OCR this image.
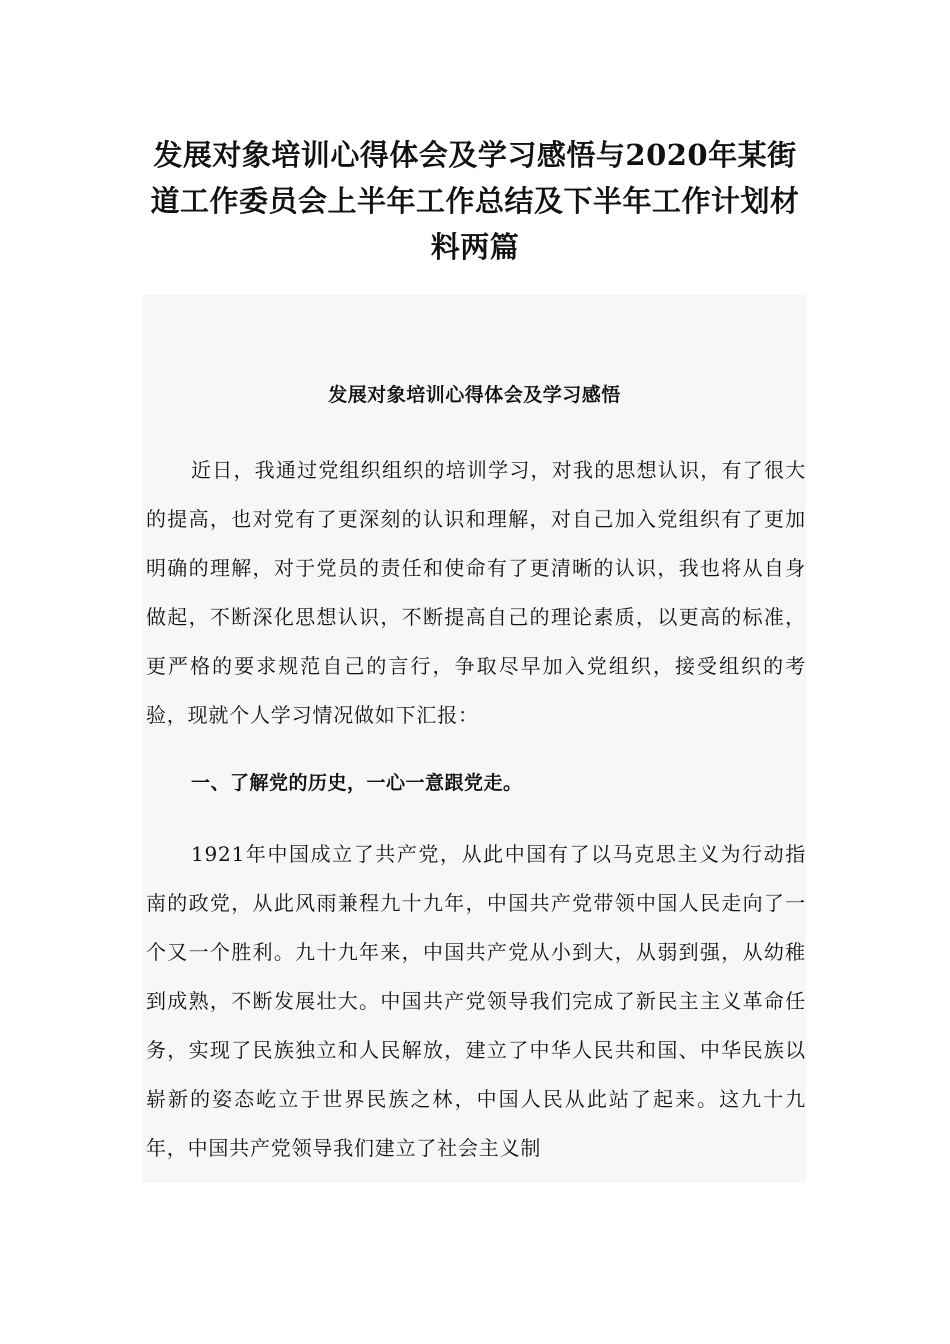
发展对象培训心得体会及学习感悟与2020年某街道工作委员会上半年工作总结及下半年工作计划材料两篇
发展对象培训心得体会及学习感悟

近日，我通过党组织组织的培训学习，对我的思想认识，有了很大的提高，也对党有了更深刻的认识和理解，对自己加入党组织有了更加明确的理解，对于党员的责任和使命有了更清晰的认识，我也将从自身做起，不断深化思想认识，不断提高自己的理论素质，以更高的标准，更严格的要求规范自己的言行，争取尽早加入党组织，接受组织的考验，现就个人学习情况做如下汇报：

一、了解党的历史，一心一意跟党走。

1921年中国成立了共产党，从此中国有了以马克思主义为行动指南的政党，从此风雨兼程九十九年，中国共产党带领中国人民走向了一个又一个胜利。九十九年来，中国共产党从小到大，从弱到强，从幼稚到成熟，不断发展壮大。中国共产党领导我们完成了新民主主义革命任务，实现了民族独立和人民解放，建立了中华人民共和国、中华民族以崭新的姿态屹立于世界民族之林，中国人民从此站了起来。这九十九年，中国共产党领导我们建立了社会主义制
